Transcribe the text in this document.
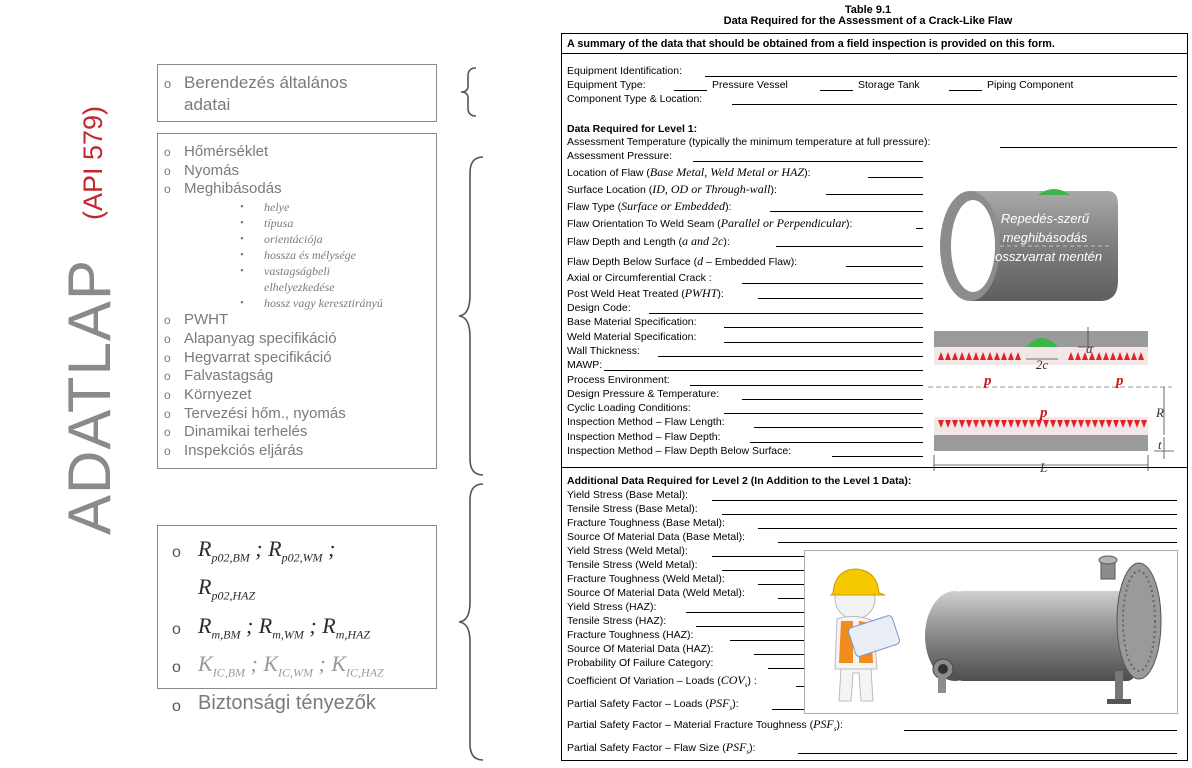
ADATLAP
(API 579)
o Berendezés általános
adatai
o Hőmérséklet
o Nyomás
o Meghibásodás
• helye
• típusa
• orientációja
• hossza és mélysége
• vastagságbeli
elhelyezkedése
• hossz vagy keresztirányú
o PWHT
o Alapanyag specifikáció
o Hegvarrat specifikáció
o Falvastagság
o Környezet
o Tervezési hőm., nyomás
o Dinamikai terhelés
o Inspekciós eljárás
o $R_{p02,BM}$ ; $R_{p02,WM}$ ;
$R_{p02,HAZ}$
o $R_{m,BM}$ ; $R_{m,WM}$ ; $R_{m,HAZ}$
o $K_{IC,BM}$ ; $K_{IC,WM}$ ; $K_{IC,HAZ}$
o Biztonsági tényezők
Table 9.1
Data Required for the Assessment of a Crack-Like Flaw
A summary of the data that should be obtained from a field inspection is provided on this form.
Equipment Identification:
Equipment Type:	Pressure Vessel	Storage Tank	Piping Component
Component Type & Location:
Data Required for Level 1:
Assessment Temperature (typically the minimum temperature at full pressure):
Assessment Pressure:
Location of Flaw (Base Metal, Weld Metal or HAZ):
Surface Location (ID, OD or Through-wall):
Flaw Type (Surface or Embedded):
Flaw Orientation To Weld Seam (Parallel or Perpendicular):
Flaw Depth and Length (a and 2c):
Flaw Depth Below Surface (d – Embedded Flaw):
Axial or Circumferential Crack :
Post Weld Heat Treated (PWHT):
Design Code:
Base Material Specification:
Weld Material Specification:
Wall Thickness:
MAWP:
Process Environment:
Design Pressure & Temperature:
Cyclic Loading Conditions:
Inspection Method – Flaw Length:
Inspection Method – Flaw Depth:
Inspection Method – Flaw Depth Below Surface:
Additional Data Required for Level 2 (In Addition to the Level 1 Data):
Yield Stress (Base Metal):
Tensile Stress (Base Metal):
Fracture Toughness (Base Metal):
Source Of Material Data (Base Metal):
Yield Stress (Weld Metal):
Tensile Stress (Weld Metal):
Fracture Toughness (Weld Metal):
Source Of Material Data (Weld Metal):
Yield Stress (HAZ):
Tensile Stress (HAZ):
Fracture Toughness (HAZ):
Source Of Material Data (HAZ):
Probability Of Failure Category:
Coefficient Of Variation – Loads $(COV_s)$ :
Partial Safety Factor – Loads $(PSF_s)$:
Partial Safety Factor – Material Fracture Toughness $(PSF_s)$:
Partial Safety Factor – Flaw Size $(PSF_s)$:
Repedés-szerű
meghibásodás
hosszvarrat mentén
2c
a
p	p
p	R
t
L
